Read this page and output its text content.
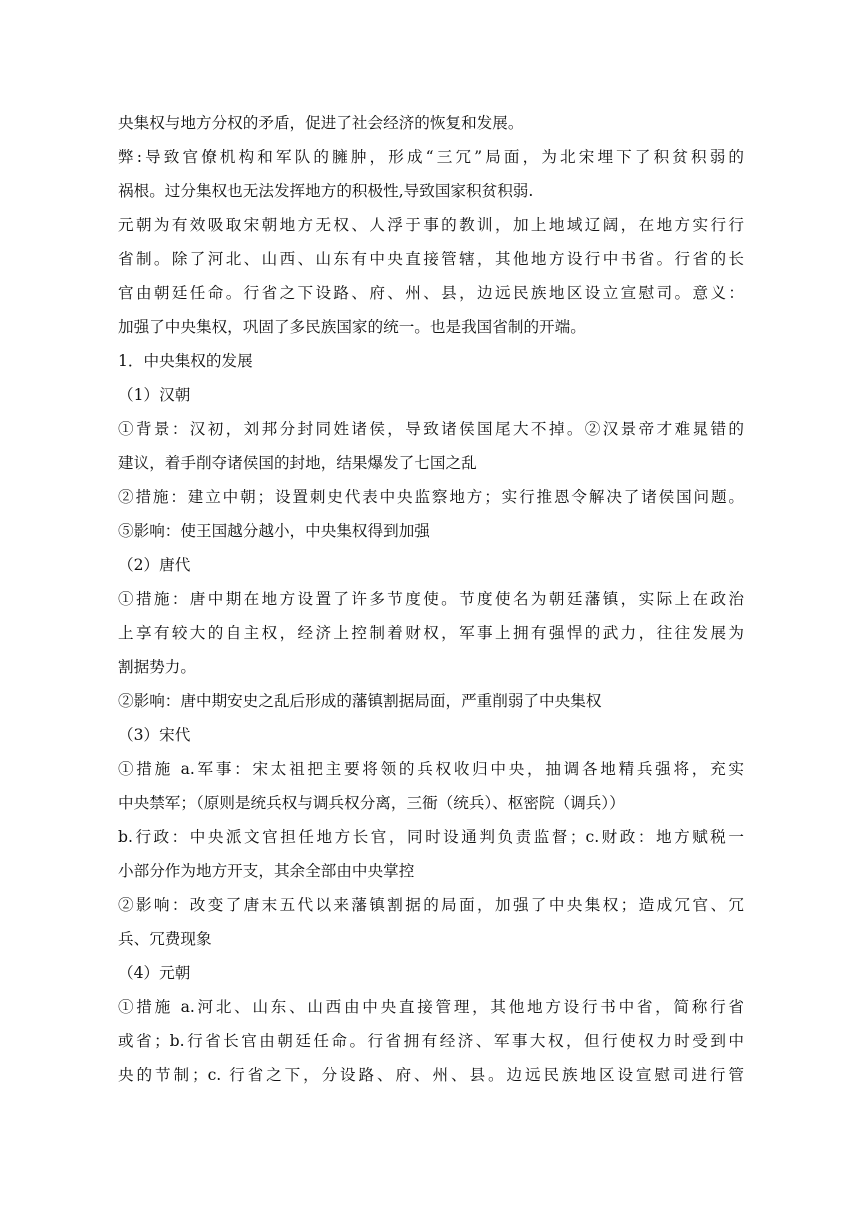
央集权与地方分权的矛盾，促进了社会经济的恢复和发展。
弊:导致官僚机构和军队的臃肿，形成“三冗”局面，为北宋埋下了积贫积弱的
祸根。过分集权也无法发挥地方的积极性,导致国家积贫积弱.
元朝为有效吸取宋朝地方无权、人浮于事的教训，加上地域辽阔，在地方实行行
省制。除了河北、山西、山东有中央直接管辖，其他地方设行中书省。行省的长
官由朝廷任命。行省之下设路、府、州、县，边远民族地区设立宣慰司。意义：
加强了中央集权，巩固了多民族国家的统一。也是我国省制的开端。
1．中央集权的发展
（1）汉朝
①背景：汉初，刘邦分封同姓诸侯，导致诸侯国尾大不掉。②汉景帝才难晁错的
建议，着手削夺诸侯国的封地，结果爆发了七国之乱
②措施：建立中朝；设置刺史代表中央监察地方；实行推恩令解决了诸侯国问题。
⑤影响：使王国越分越小，中央集权得到加强
（2）唐代
①措施：唐中期在地方设置了许多节度使。节度使名为朝廷藩镇，实际上在政治
上享有较大的自主权，经济上控制着财权，军事上拥有强悍的武力，往往发展为
割据势力。
②影响：唐中期安史之乱后形成的藩镇割据局面，严重削弱了中央集权
（3）宋代
①措施 a.军事：宋太祖把主要将领的兵权收归中央，抽调各地精兵强将，充实
中央禁军；（原则是统兵权与调兵权分离，三衙（统兵）、枢密院（调兵））
b.行政：中央派文官担任地方长官，同时设通判负责监督；c.财政：地方赋税一
小部分作为地方开支，其余全部由中央掌控
②影响：改变了唐末五代以来藩镇割据的局面，加强了中央集权；造成冗官、冗
兵、冗费现象
（4）元朝
①措施 a.河北、山东、山西由中央直接管理，其他地方设行书中省，简称行省
或省；b.行省长官由朝廷任命。行省拥有经济、军事大权，但行使权力时受到中
央的节制；c. 行省之下，分设路、府、州、县。边远民族地区设宣慰司进行管
